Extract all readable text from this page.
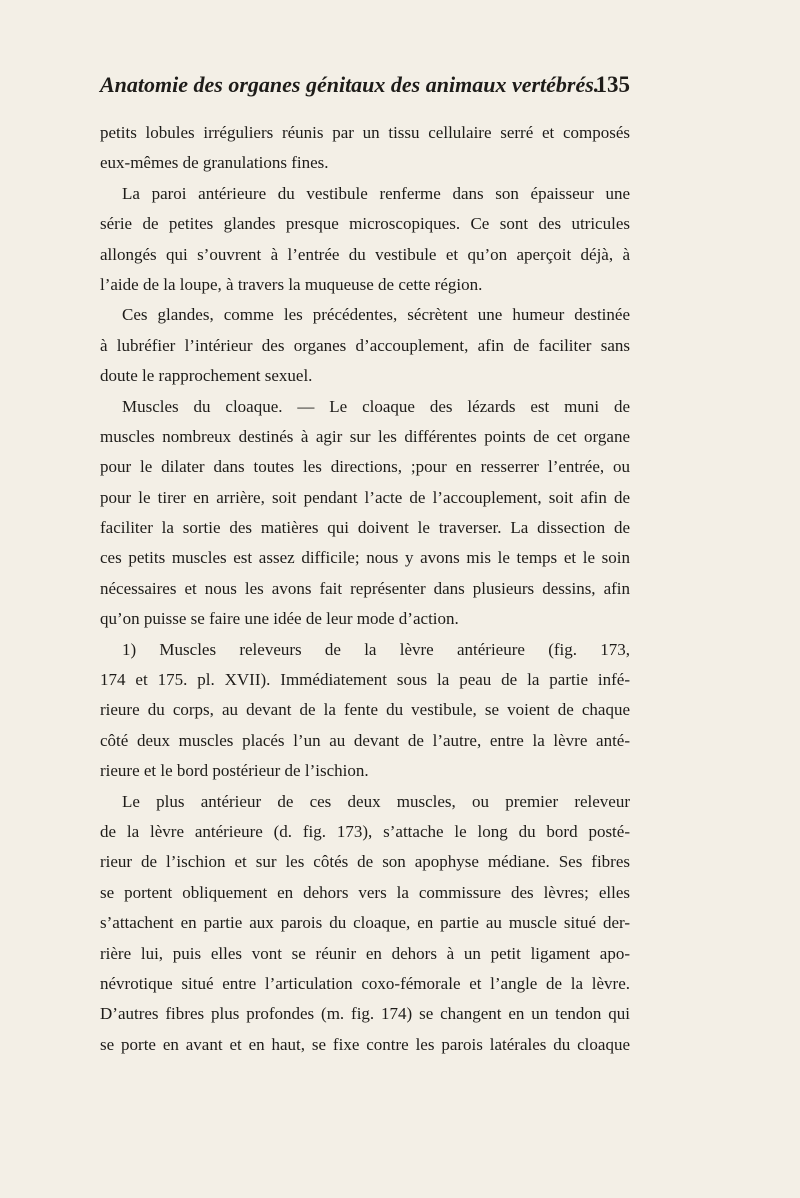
Anatomie des organes génitaux des animaux vertébrés.
135
petits lobules irréguliers réunis par un tissu cellulaire serré et composés
eux-mêmes de granulations fines.
La paroi antérieure du vestibule renferme dans son épaisseur une
série de petites glandes presque microscopiques. Ce sont des utricules
allongés qui s’ouvrent à l’entrée du vestibule et qu’on aperçoit déjà, à
l’aide de la loupe, à travers la muqueuse de cette région.
Ces glandes, comme les précédentes, sécrètent une humeur destinée
à lubréfier l’intérieur des organes d’accouplement, afin de faciliter sans
doute le rapprochement sexuel.
Muscles du cloaque. — Le cloaque des lézards est muni de
muscles nombreux destinés à agir sur les différentes points de cet organe
pour le dilater dans toutes les directions, ;pour en resserrer l’entrée, ou
pour le tirer en arrière, soit pendant l’acte de l’accouplement, soit afin de
faciliter la sortie des matières qui doivent le traverser. La dissection de
ces petits muscles est assez difficile; nous y avons mis le temps et le soin
nécessaires et nous les avons fait représenter dans plusieurs dessins, afin
qu’on puisse se faire une idée de leur mode d’action.
1) Muscles releveurs de la lèvre antérieure (fig. 173,
174 et 175. pl. XVII). Immédiatement sous la peau de la partie infé-
rieure du corps, au devant de la fente du vestibule, se voient de chaque
côté deux muscles placés l’un au devant de l’autre, entre la lèvre anté-
rieure et le bord postérieur de l’ischion.
Le plus antérieur de ces deux muscles, ou premier releveur
de la lèvre antérieure (d. fig. 173), s’attache le long du bord posté-
rieur de l’ischion et sur les côtés de son apophyse médiane. Ses fibres
se portent obliquement en dehors vers la commissure des lèvres; elles
s’attachent en partie aux parois du cloaque, en partie au muscle situé der-
rière lui, puis elles vont se réunir en dehors à un petit ligament apo-
névrotique situé entre l’articulation coxo-fémorale et l’angle de la lèvre.
D’autres fibres plus profondes (m. fig. 174) se changent en un tendon qui
se porte en avant et en haut, se fixe contre les parois latérales du cloaque
